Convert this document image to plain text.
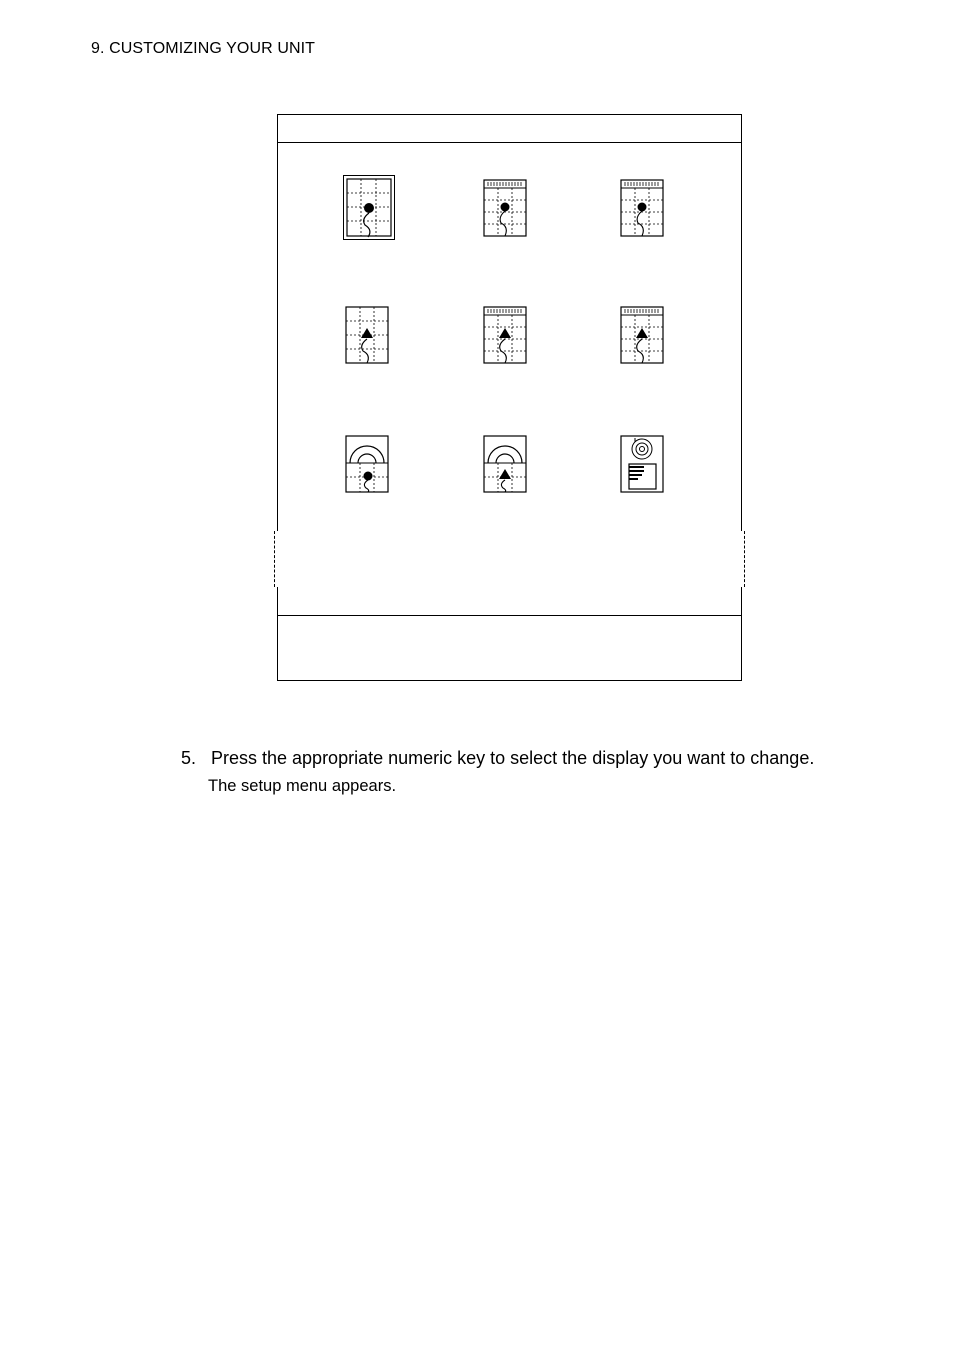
9. CUSTOMIZING YOUR UNIT
5. Press the appropriate numeric key to select the display you want to change.
The setup menu appears.
